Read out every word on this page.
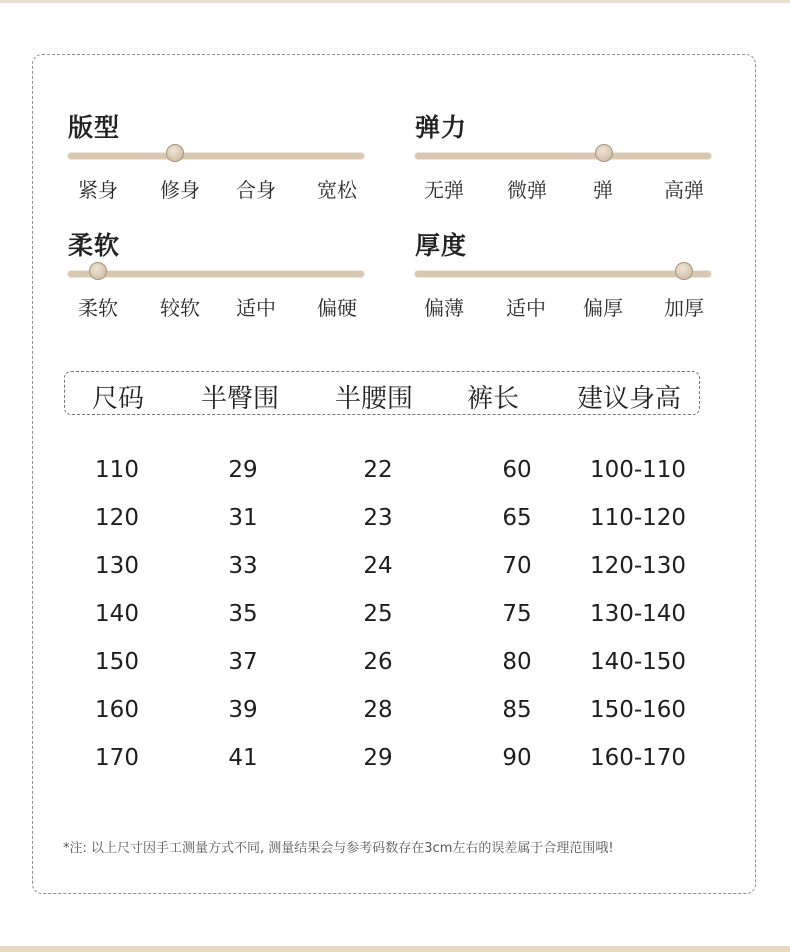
版型
紧身 修身 合身 宽松
弹力
无弹 微弹 弹	高弹
柔软
柔软 较软 适中 偏硬
厚度
偏薄 适中 偏厚 加厚
尺码 半臀围 半腰围 裤长 建议身高
110	29	22	60	100-110
120	31	23	65	110-120
130	33	24	70	120-130
140	35	25	75	130-140
150	37	26	80	140-150
160	39	28	85	150-160
170	41	29	90	160-170
*注: 以上尺寸因手工测量方式不同, 测量结果会与参考码数存在3cm左右的误差属于合理范围哦!
